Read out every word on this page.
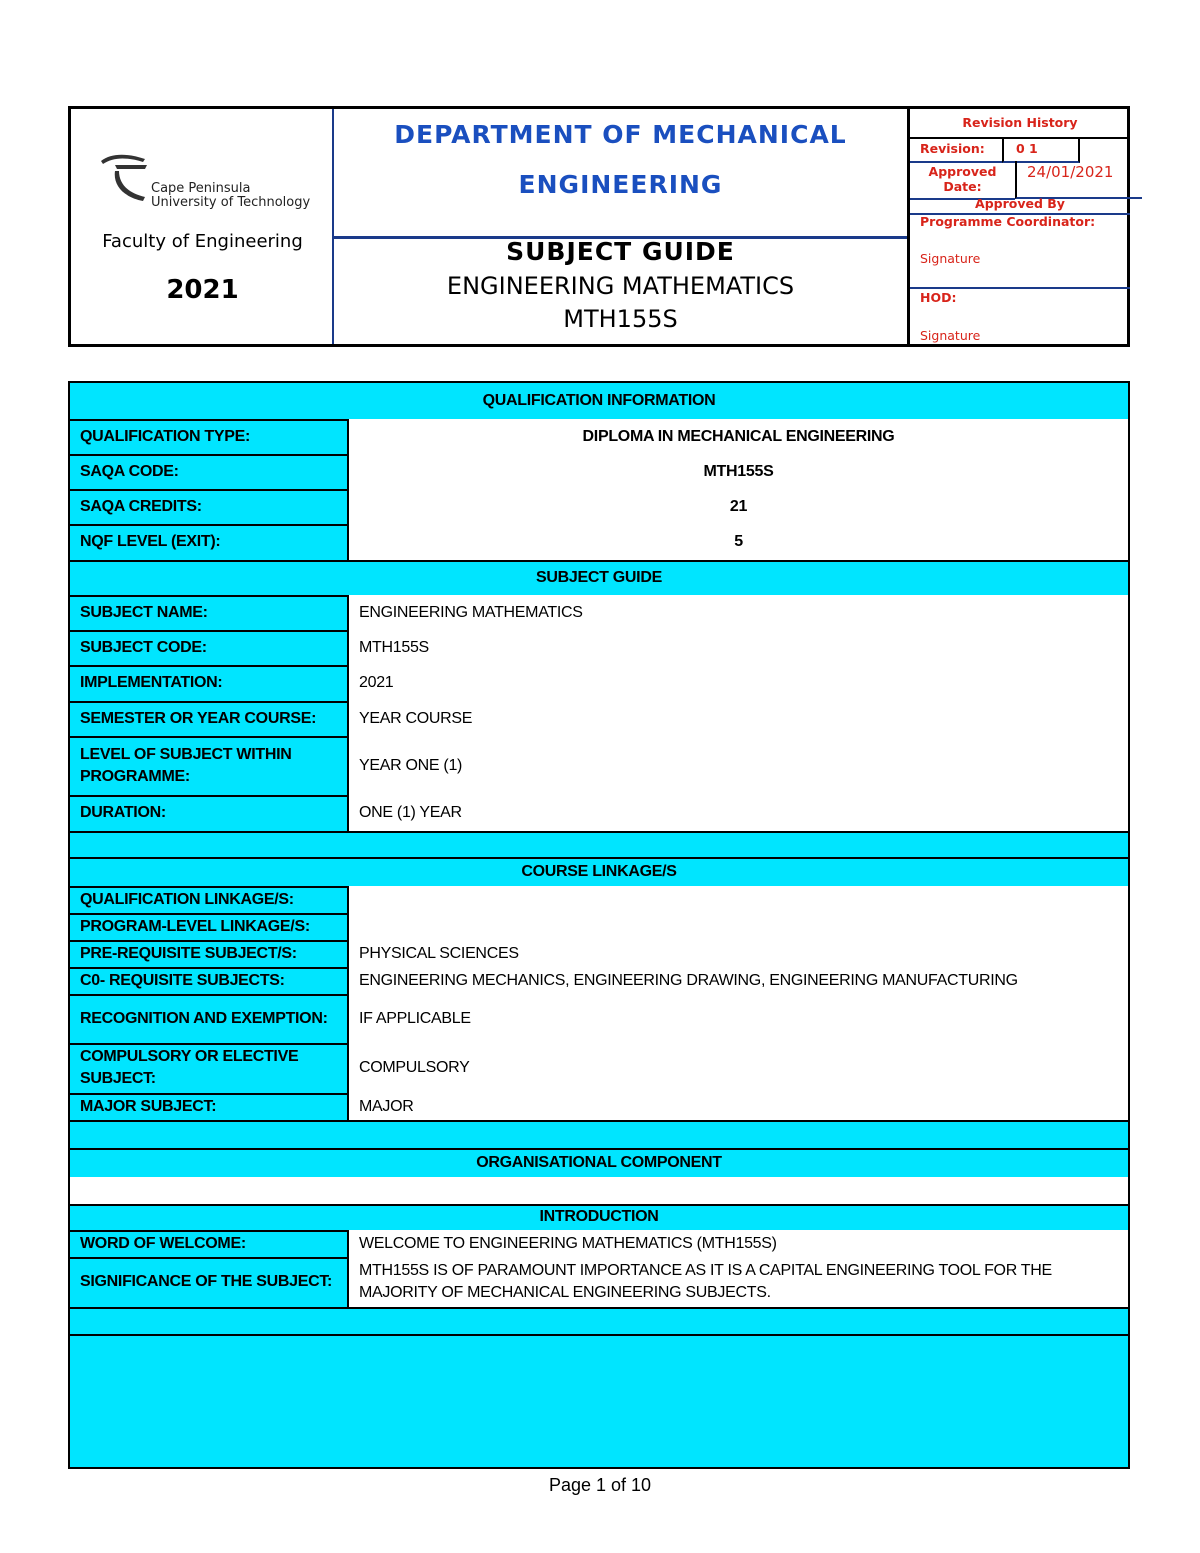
Cape Peninsula
University of Technology
Faculty of Engineering
2021
DEPARTMENT OF MECHANICAL
ENGINEERING
SUBJECT GUIDE
ENGINEERING MATHEMATICS
MTH155S
Revision History
Revision:	0 1
Approved
Date:
24/01/2021
Approved By
Programme Coordinator:
Signature
HOD:
Signature
QUALIFICATION INFORMATION
QUALIFICATION TYPE:	DIPLOMA IN MECHANICAL ENGINEERING
SAQA CODE:	MTH155S
SAQA CREDITS:	21
NQF LEVEL (EXIT):	5
SUBJECT GUIDE
SUBJECT NAME:	ENGINEERING MATHEMATICS
SUBJECT CODE:	MTH155S
IMPLEMENTATION:	2021
SEMESTER OR YEAR COURSE:	YEAR COURSE
LEVEL OF SUBJECT WITHIN PROGRAMME:
YEAR ONE (1)
DURATION:	ONE (1) YEAR
COURSE LINKAGE/S
QUALIFICATION LINKAGE/S:
PROGRAM-LEVEL LINKAGE/S:
PRE-REQUISITE SUBJECT/S:	PHYSICAL SCIENCES
C0- REQUISITE SUBJECTS:	ENGINEERING MECHANICS, ENGINEERING DRAWING, ENGINEERING MANUFACTURING
RECOGNITION AND EXEMPTION:	IF APPLICABLE
COMPULSORY OR ELECTIVE SUBJECT:
COMPULSORY
MAJOR SUBJECT:	MAJOR
ORGANISATIONAL COMPONENT
INTRODUCTION
WORD OF WELCOME:	WELCOME TO ENGINEERING MATHEMATICS (MTH155S)
SIGNIFICANCE OF THE SUBJECT:
MTH155S IS OF PARAMOUNT IMPORTANCE AS IT IS A CAPITAL ENGINEERING TOOL FOR THE MAJORITY OF MECHANICAL ENGINEERING SUBJECTS.
Page 1 of 10
